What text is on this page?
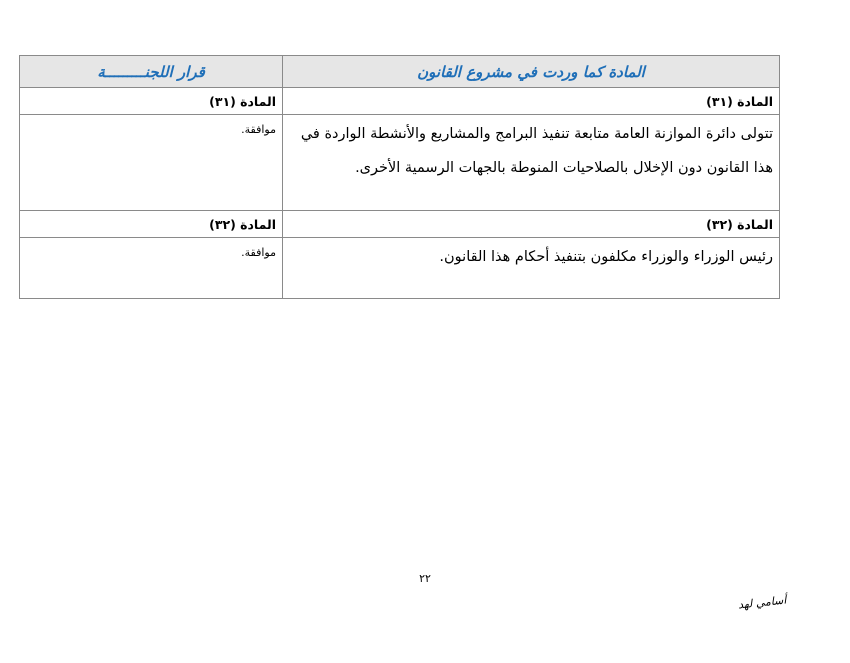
المادة كما وردت في مشروع القانون	قرار اللجنـــــــــة
المادة (٣١)	المادة (٣١)

تتولى دائرة الموازنة العامة متابعة تنفيذ البرامج والمشاريع والأنشطة الواردة في هذا القانون دون الإخلال بالصلاحيات المنوطة بالجهات الرسمية الأخرى.	موافقة.

المادة (٣٢)	المادة (٣٢)

رئيس الوزراء والوزراء مكلفون بتنفيذ أحكام هذا القانون.	موافقة.
٢٢
أسامي لهد
